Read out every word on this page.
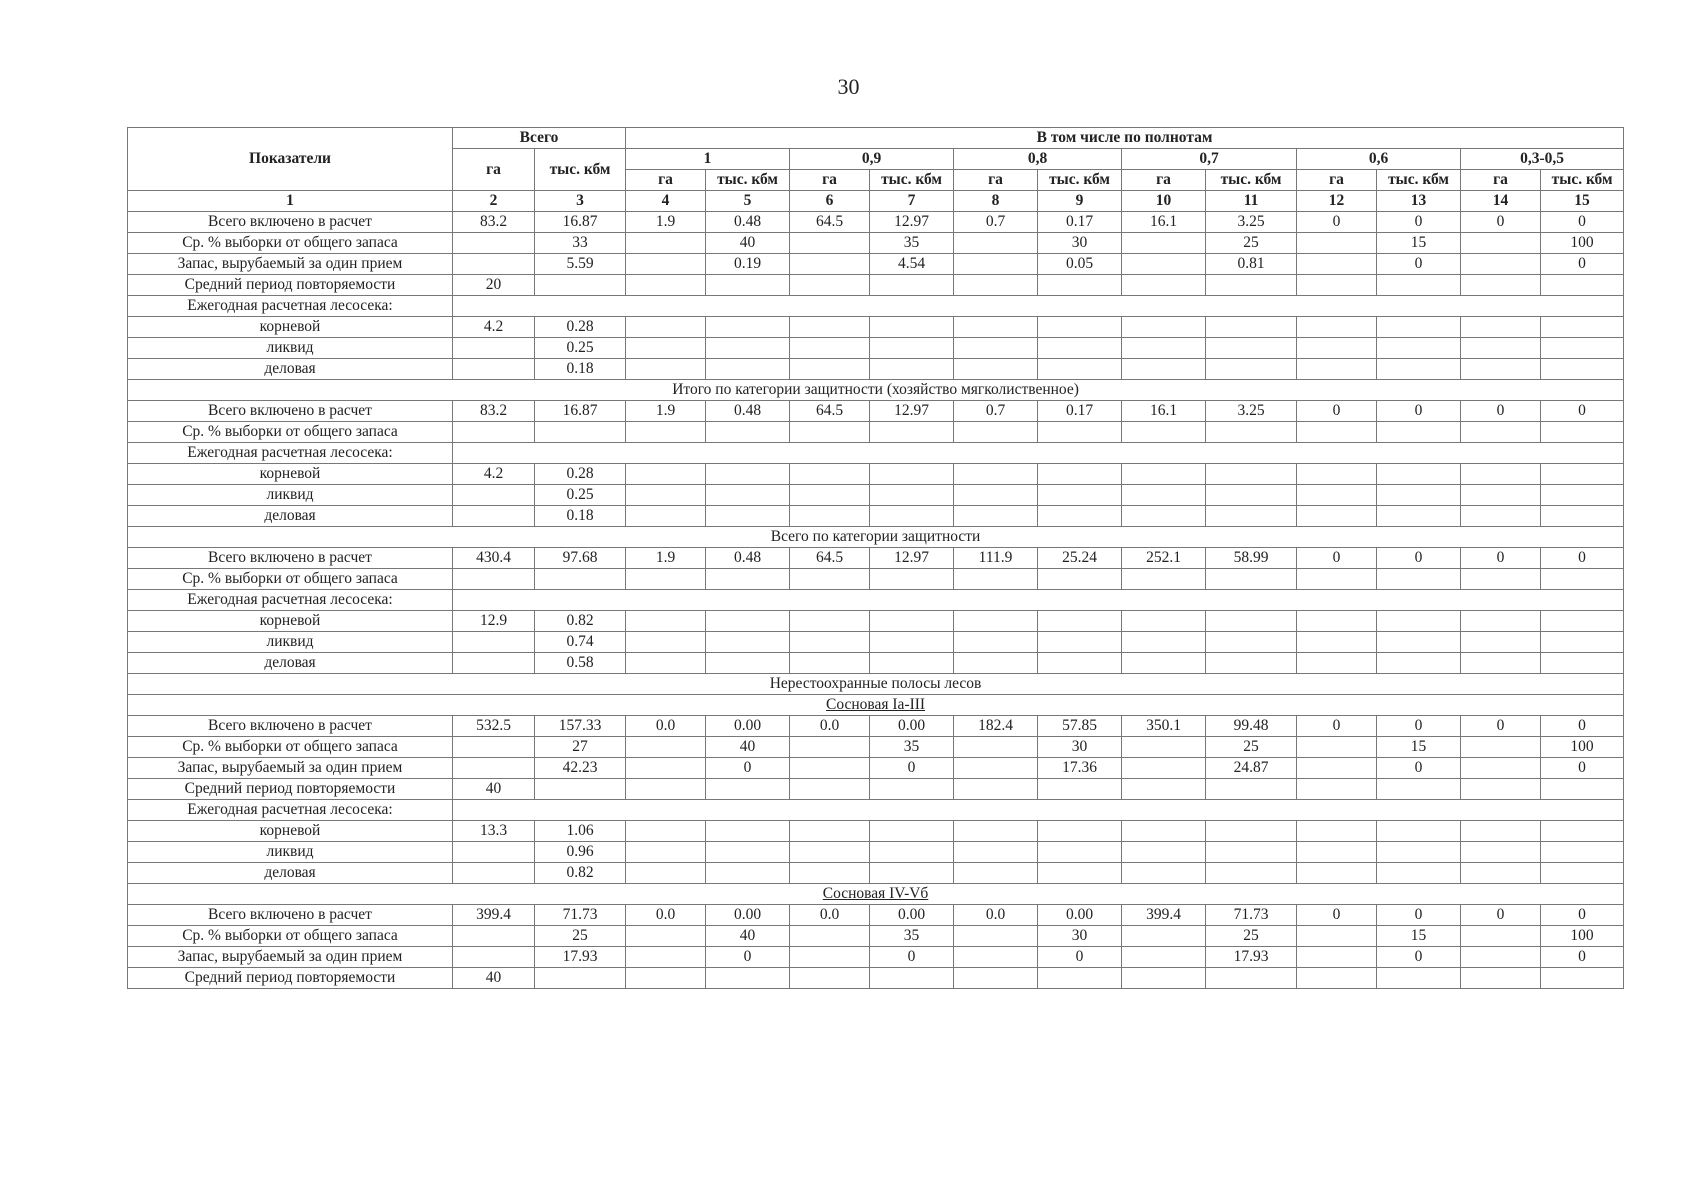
30
Показатели	Всего		В том числе по полнотам											
	га	тыс. кбм	1		0,9		0,8		0,7		0,6		0,3-0,5	
			га	тыс. кбм	га	тыс. кбм	га	тыс. кбм	га	тыс. кбм	га	тыс. кбм	га	тыс. кбм
1	2	3	4	5	6	7	8	9	10	11	12	13	14	15
Всего включено в расчет	83.2	16.87	1.9	0.48	64.5	12.97	0.7	0.17	16.1	3.25	0	0	0	0
Ср. % выборки от общего запаса		33		40		35		30		25		15		100
Запас, вырубаемый за один прием		5.59		0.19		4.54		0.05		0.81		0		0
Средний период повторяемости	20													
Ежегодная расчетная лесосека:														
корневой	4.2	0.28												
ликвид		0.25												
деловая		0.18												
Итого по категории защитности (хозяйство мягколиственное)														
Всего включено в расчет	83.2	16.87	1.9	0.48	64.5	12.97	0.7	0.17	16.1	3.25	0	0	0	0
Ср. % выборки от общего запаса														
Ежегодная расчетная лесосека:														
корневой	4.2	0.28												
ликвид		0.25												
деловая		0.18												
Всего по категории защитности														
Всего включено в расчет	430.4	97.68	1.9	0.48	64.5	12.97	111.9	25.24	252.1	58.99	0	0	0	0
Ср. % выборки от общего запаса														
Ежегодная расчетная лесосека:														
корневой	12.9	0.82												
ликвид		0.74												
деловая		0.58												
Нерестоохранные полосы лесов														
Сосновая Ia-III														
Всего включено в расчет	532.5	157.33	0.0	0.00	0.0	0.00	182.4	57.85	350.1	99.48	0	0	0	0
Ср. % выборки от общего запаса		27		40		35		30		25		15		100
Запас, вырубаемый за один прием		42.23		0		0		17.36		24.87		0		0
Средний период повторяемости	40													
Ежегодная расчетная лесосека:														
корневой	13.3	1.06												
ликвид		0.96												
деловая		0.82												
Сосновая IV-Vб														
Всего включено в расчет	399.4	71.73	0.0	0.00	0.0	0.00	0.0	0.00	399.4	71.73	0	0	0	0
Ср. % выборки от общего запаса		25		40		35		30		25		15		100
Запас, вырубаемый за один прием		17.93		0		0		0		17.93		0		0
Средний период повторяемости	40													
